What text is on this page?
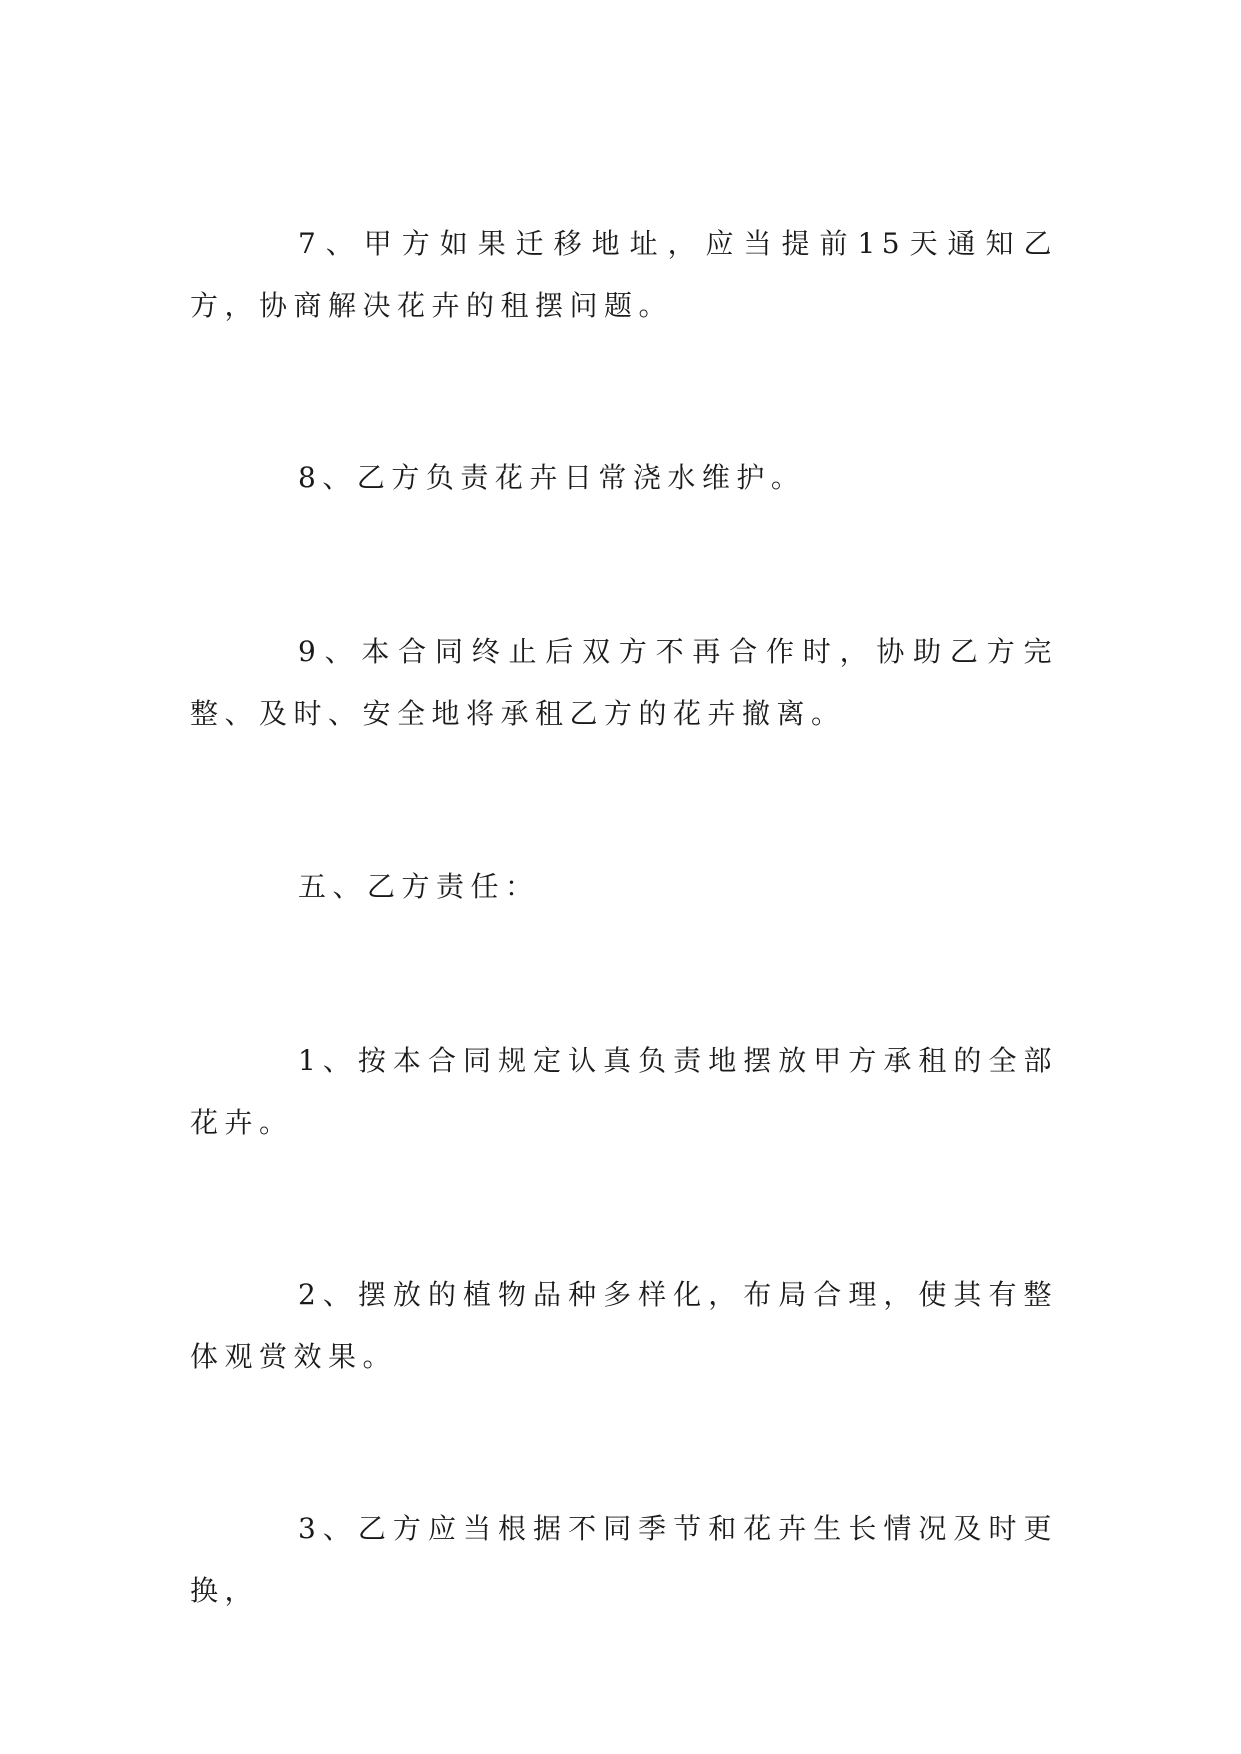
7、甲方如果迁移地址，应当提前15天通知乙方，协商解决花卉的租摆问题。

8、乙方负责花卉日常浇水维护。

9、本合同终止后双方不再合作时，协助乙方完整、及时、安全地将承租乙方的花卉撤离。

五、乙方责任：

1、按本合同规定认真负责地摆放甲方承租的全部花卉。

2、摆放的植物品种多样化，布局合理，使其有整体观赏效果。

3、乙方应当根据不同季节和花卉生长情况及时更换，
